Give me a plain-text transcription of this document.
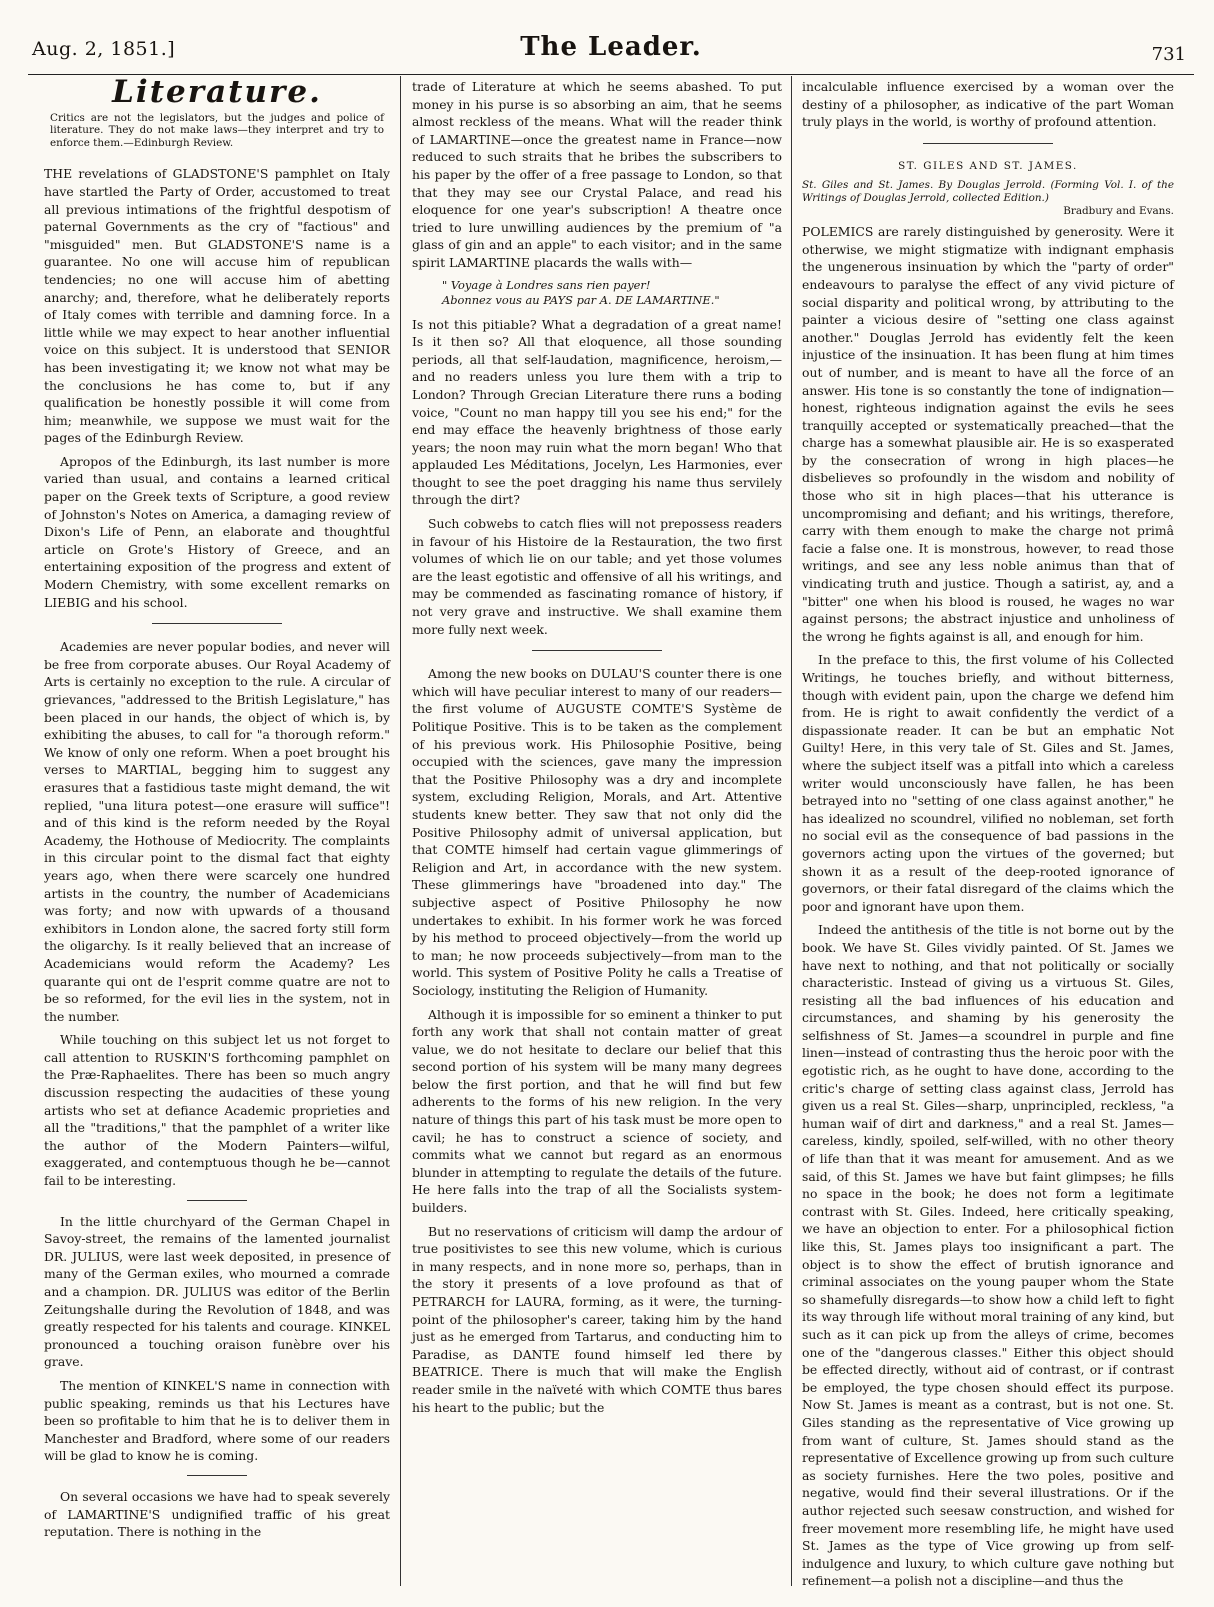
Aug. 2, 1851.]	The Leader.	731
Literature.
Critics are not the legislators, but the judges and police of literature. They do not make laws—they interpret and try to enforce them.—Edinburgh Review.

THE revelations of GLADSTONE'S pamphlet on Italy have startled the Party of Order, accustomed to treat all previous intimations of the frightful despotism of paternal Governments as the cry of "factious" and "misguided" men. But GLADSTONE'S name is a guarantee. No one will accuse him of republican tendencies; no one will accuse him of abetting anarchy; and, therefore, what he deliberately reports of Italy comes with terrible and damning force. In a little while we may expect to hear another influential voice on this subject. It is understood that SENIOR has been investigating it; we know not what may be the conclusions he has come to, but if any qualification be honestly possible it will come from him; meanwhile, we suppose we must wait for the pages of the Edinburgh Review.

Apropos of the Edinburgh, its last number is more varied than usual, and contains a learned critical paper on the Greek texts of Scripture, a good review of Johnston's Notes on America, a damaging review of Dixon's Life of Penn, an elaborate and thoughtful article on Grote's History of Greece, and an entertaining exposition of the progress and extent of Modern Chemistry, with some excellent remarks on LIEBIG and his school.

Academies are never popular bodies, and never will be free from corporate abuses. Our Royal Academy of Arts is certainly no exception to the rule. A circular of grievances, "addressed to the British Legislature," has been placed in our hands, the object of which is, by exhibiting the abuses, to call for "a thorough reform." We know of only one reform. When a poet brought his verses to MARTIAL, begging him to suggest any erasures that a fastidious taste might demand, the wit replied, "una litura potest—one erasure will suffice"! and of this kind is the reform needed by the Royal Academy, the Hothouse of Mediocrity. The complaints in this circular point to the dismal fact that eighty years ago, when there were scarcely one hundred artists in the country, the number of Academicians was forty; and now with upwards of a thousand exhibitors in London alone, the sacred forty still form the oligarchy. Is it really believed that an increase of Academicians would reform the Academy? Les quarante qui ont de l'esprit comme quatre are not to be so reformed, for the evil lies in the system, not in the number.

While touching on this subject let us not forget to call attention to RUSKIN'S forthcoming pamphlet on the Præ-Raphaelites. There has been so much angry discussion respecting the audacities of these young artists who set at defiance Academic proprieties and all the "traditions," that the pamphlet of a writer like the author of the Modern Painters—wilful, exaggerated, and contemptuous though he be—cannot fail to be interesting.

In the little churchyard of the German Chapel in Savoy-street, the remains of the lamented journalist DR. JULIUS, were last week deposited, in presence of many of the German exiles, who mourned a comrade and a champion. DR. JULIUS was editor of the Berlin Zeitungshalle during the Revolution of 1848, and was greatly respected for his talents and courage. KINKEL pronounced a touching oraison funèbre over his grave.

The mention of KINKEL'S name in connection with public speaking, reminds us that his Lectures have been so profitable to him that he is to deliver them in Manchester and Bradford, where some of our readers will be glad to know he is coming.

On several occasions we have had to speak severely of LAMARTINE'S undignified traffic of his great reputation. There is nothing in the

trade of Literature at which he seems abashed. To put money in his purse is so absorbing an aim, that he seems almost reckless of the means. What will the reader think of LAMARTINE—once the greatest name in France—now reduced to such straits that he bribes the subscribers to his paper by the offer of a free passage to London, so that that they may see our Crystal Palace, and read his eloquence for one year's subscription! A theatre once tried to lure unwilling audiences by the premium of "a glass of gin and an apple" to each visitor; and in the same spirit LAMARTINE placards the walls with—

" Voyage à Londres sans rien payer!
Abonnez vous au PAYS par A. DE LAMARTINE."

Is not this pitiable? What a degradation of a great name! Is it then so? All that eloquence, all those sounding periods, all that self-laudation, magnificence, heroism,—and no readers unless you lure them with a trip to London? Through Grecian Literature there runs a boding voice, "Count no man happy till you see his end;" for the end may efface the heavenly brightness of those early years; the noon may ruin what the morn began! Who that applauded Les Méditations, Jocelyn, Les Harmonies, ever thought to see the poet dragging his name thus servilely through the dirt?

Such cobwebs to catch flies will not prepossess readers in favour of his Histoire de la Restauration, the two first volumes of which lie on our table; and yet those volumes are the least egotistic and offensive of all his writings, and may be commended as fascinating romance of history, if not very grave and instructive. We shall examine them more fully next week.

Among the new books on DULAU'S counter there is one which will have peculiar interest to many of our readers—the first volume of AUGUSTE COMTE'S Système de Politique Positive. This is to be taken as the complement of his previous work. His Philosophie Positive, being occupied with the sciences, gave many the impression that the Positive Philosophy was a dry and incomplete system, excluding Religion, Morals, and Art. Attentive students knew better. They saw that not only did the Positive Philosophy admit of universal application, but that COMTE himself had certain vague glimmerings of Religion and Art, in accordance with the new system. These glimmerings have "broadened into day." The subjective aspect of Positive Philosophy he now undertakes to exhibit. In his former work he was forced by his method to proceed objectively—from the world up to man; he now proceeds subjectively—from man to the world. This system of Positive Polity he calls a Treatise of Sociology, instituting the Religion of Humanity.

Although it is impossible for so eminent a thinker to put forth any work that shall not contain matter of great value, we do not hesitate to declare our belief that this second portion of his system will be many many degrees below the first portion, and that he will find but few adherents to the forms of his new religion. In the very nature of things this part of his task must be more open to cavil; he has to construct a science of society, and commits what we cannot but regard as an enormous blunder in attempting to regulate the details of the future. He here falls into the trap of all the Socialists system-builders.

But no reservations of criticism will damp the ardour of true positivistes to see this new volume, which is curious in many respects, and in none more so, perhaps, than in the story it presents of a love profound as that of PETRARCH for LAURA, forming, as it were, the turning-point of the philosopher's career, taking him by the hand just as he emerged from Tartarus, and conducting him to Paradise, as DANTE found himself led there by BEATRICE. There is much that will make the English reader smile in the naïveté with which COMTE thus bares his heart to the public; but the

incalculable influence exercised by a woman over the destiny of a philosopher, as indicative of the part Woman truly plays in the world, is worthy of profound attention.

ST. GILES AND ST. JAMES.
St. Giles and St. James. By Douglas Jerrold. (Forming Vol. I. of the Writings of Douglas Jerrold, collected Edition.)
Bradbury and Evans.

POLEMICS are rarely distinguished by generosity. Were it otherwise, we might stigmatize with indignant emphasis the ungenerous insinuation by which the "party of order" endeavours to paralyse the effect of any vivid picture of social disparity and political wrong, by attributing to the painter a vicious desire of "setting one class against another." Douglas Jerrold has evidently felt the keen injustice of the insinuation. It has been flung at him times out of number, and is meant to have all the force of an answer. His tone is so constantly the tone of indignation—honest, righteous indignation against the evils he sees tranquilly accepted or systematically preached—that the charge has a somewhat plausible air. He is so exasperated by the consecration of wrong in high places—he disbelieves so profoundly in the wisdom and nobility of those who sit in high places—that his utterance is uncompromising and defiant; and his writings, therefore, carry with them enough to make the charge not primâ facie a false one. It is monstrous, however, to read those writings, and see any less noble animus than that of vindicating truth and justice. Though a satirist, ay, and a "bitter" one when his blood is roused, he wages no war against persons; the abstract injustice and unholiness of the wrong he fights against is all, and enough for him.

In the preface to this, the first volume of his Collected Writings, he touches briefly, and without bitterness, though with evident pain, upon the charge we defend him from. He is right to await confidently the verdict of a dispassionate reader. It can be but an emphatic Not Guilty! Here, in this very tale of St. Giles and St. James, where the subject itself was a pitfall into which a careless writer would unconsciously have fallen, he has been betrayed into no "setting of one class against another," he has idealized no scoundrel, vilified no nobleman, set forth no social evil as the consequence of bad passions in the governors acting upon the virtues of the governed; but shown it as a result of the deep-rooted ignorance of governors, or their fatal disregard of the claims which the poor and ignorant have upon them.

Indeed the antithesis of the title is not borne out by the book. We have St. Giles vividly painted. Of St. James we have next to nothing, and that not politically or socially characteristic. Instead of giving us a virtuous St. Giles, resisting all the bad influences of his education and circumstances, and shaming by his generosity the selfishness of St. James—a scoundrel in purple and fine linen—instead of contrasting thus the heroic poor with the egotistic rich, as he ought to have done, according to the critic's charge of setting class against class, Jerrold has given us a real St. Giles—sharp, unprincipled, reckless, "a human waif of dirt and darkness," and a real St. James—careless, kindly, spoiled, self-willed, with no other theory of life than that it was meant for amusement. And as we said, of this St. James we have but faint glimpses; he fills no space in the book; he does not form a legitimate contrast with St. Giles. Indeed, here critically speaking, we have an objection to enter. For a philosophical fiction like this, St. James plays too insignificant a part. The object is to show the effect of brutish ignorance and criminal associates on the young pauper whom the State so shamefully disregards—to show how a child left to fight its way through life without moral training of any kind, but such as it can pick up from the alleys of crime, becomes one of the "dangerous classes." Either this object should be effected directly, without aid of contrast, or if contrast be employed, the type chosen should effect its purpose. Now St. James is meant as a contrast, but is not one. St. Giles standing as the representative of Vice growing up from want of culture, St. James should stand as the representative of Excellence growing up from such culture as society furnishes. Here the two poles, positive and negative, would find their several illustrations. Or if the author rejected such seesaw construction, and wished for freer movement more resembling life, he might have used St. James as the type of Vice growing up from self-indulgence and luxury, to which culture gave nothing but refinement—a polish not a discipline—and thus the
